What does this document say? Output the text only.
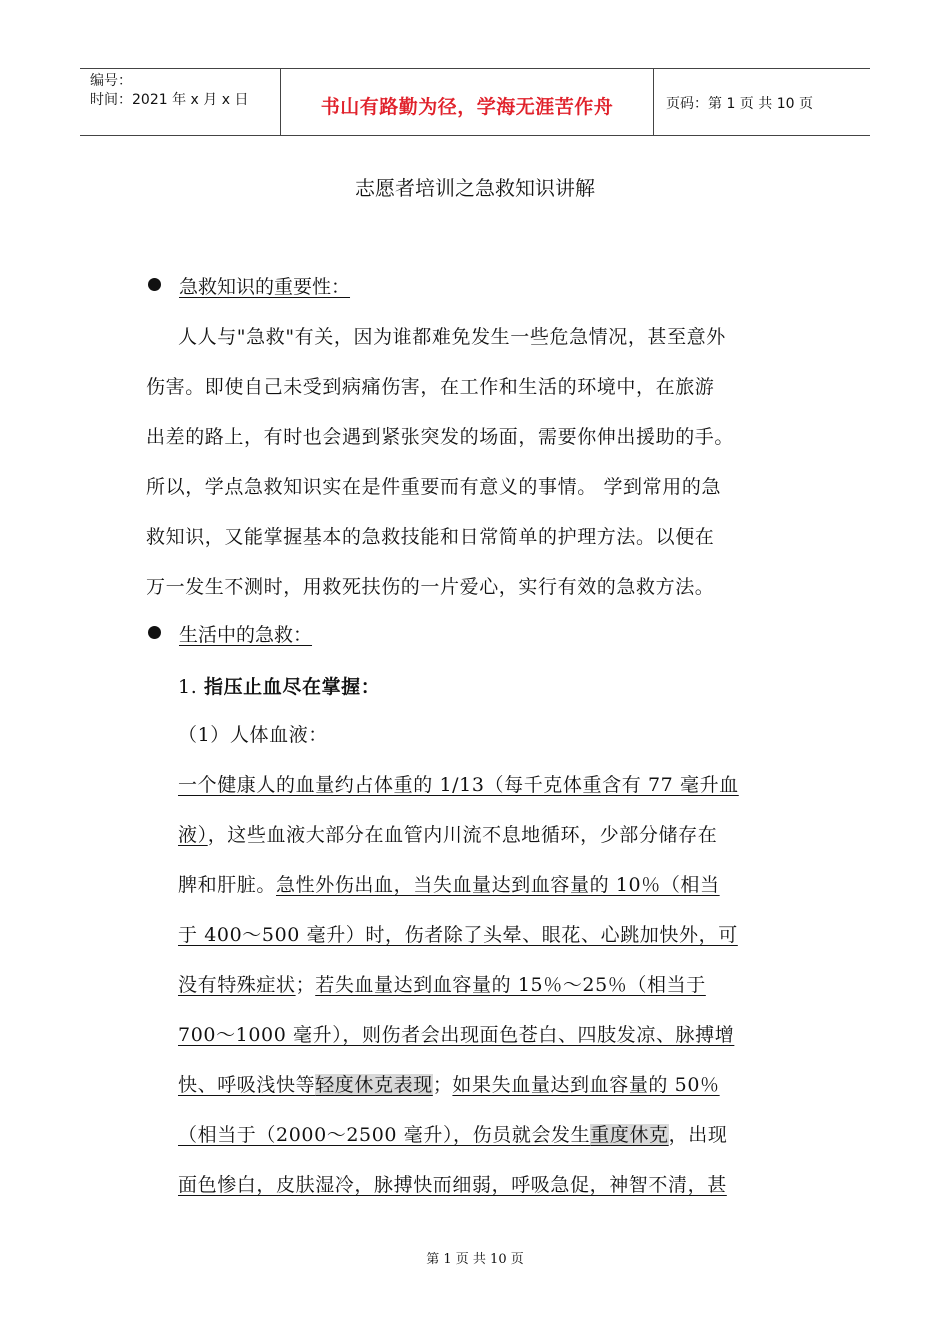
编号：
时间：2021 年 x 月 x 日	书山有路勤为径，学海无涯苦作舟	页码：第 1 页 共 10 页
志愿者培训之急救知识讲解
急救知识的重要性：
人人与"急救"有关，因为谁都难免发生一些危急情况，甚至意外
伤害。即使自己未受到病痛伤害，在工作和生活的环境中，在旅游
出差的路上，有时也会遇到紧张突发的场面，需要你伸出援助的手。
所以，学点急救知识实在是件重要而有意义的事情。 学到常用的急
救知识，又能掌握基本的急救技能和日常简单的护理方法。以便在
万一发生不测时，用救死扶伤的一片爱心，实行有效的急救方法。
生活中的急救：
1. 指压止血尽在掌握：
（1）人体血液：
一个健康人的血量约占体重的 1/13（每千克体重含有 77 毫升血
液），这些血液大部分在血管内川流不息地循环，少部分储存在
脾和肝脏。急性外伤出血，当失血量达到血容量的 10％（相当
于 400～500 毫升）时，伤者除了头晕、眼花、心跳加快外，可
没有特殊症状；若失血量达到血容量的 15％～25％（相当于
700～1000 毫升），则伤者会出现面色苍白、四肢发凉、脉搏增
快、呼吸浅快等轻度休克表现；如果失血量达到血容量的 50％
（相当于（2000～2500 毫升），伤员就会发生重度休克，出现
面色惨白，皮肤湿冷，脉搏快而细弱，呼吸急促，神智不清，甚
第 1 页 共 10 页
